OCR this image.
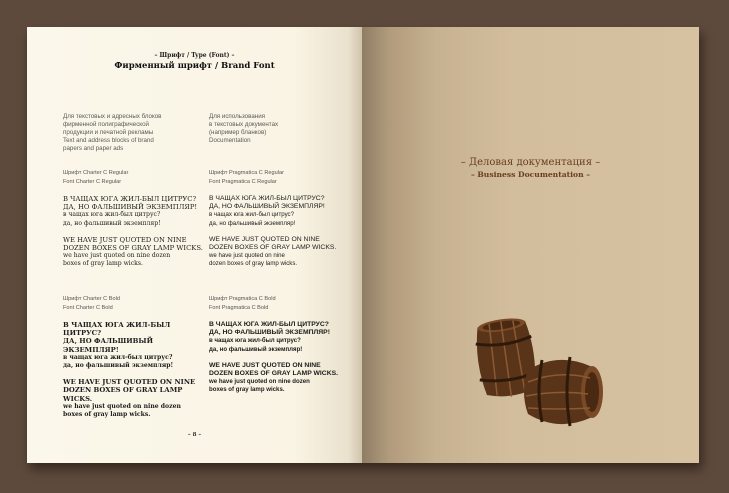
– Шрифт / Type (Font) –
Фирменный шрифт / Brand Font

Для текстовых и адресных блоков

фирменной полиграфической

продукции и печатной рекламы

Text and address blocks of brand

papers and paper ads

Для использования

в текстовых документах

(например бланков)

Documentation

Шрифт Charter C Regular
Font Charter C Regular
Шрифт Pragmatica C Regular
Font Pragmatica C Regular

В ЧАЩАХ ЮГА ЖИЛ-БЫЛ ЦИТРУС?

ДА, НО ФАЛЬШИВЫЙ ЭКЗЕМПЛЯР!

в чащах юга жил-был цитрус?

да, но фальшивый экземпляр!

WE HAVE JUST QUOTED ON NINE

DOZEN BOXES OF GRAY LAMP WICKS.

we have just quoted on nine dozen

boxes of gray lamp wicks.

В ЧАЩАХ ЮГА ЖИЛ-БЫЛ ЦИТРУС?

ДА, НО ФАЛЬШИВЫЙ ЭКЗЕМПЛЯР!

в чащах юга жил-был цитрус?

да, но фальшивый экземпляр!

WE HAVE JUST QUOTED ON NINE

DOZEN BOXES OF GRAY LAMP WICKS.

we have just quoted on nine

dozen boxes of gray lamp wicks.

Шрифт Charter C Bold
Font Charter C Bold
Шрифт Pragmatica C Bold
Font Pragmatica C Bold

В ЧАЩАХ ЮГА ЖИЛ-БЫЛ ЦИТРУС?

ДА, НО ФАЛЬШИВЫЙ ЭКЗЕМПЛЯР!

в чащах юга жил-был цитрус?

да, но фальшивый экземпляр!

WE HAVE JUST QUOTED ON NINE

DOZEN BOXES OF GRAY LAMP WICKS.

we have just quoted on nine dozen

boxes of gray lamp wicks.

В ЧАЩАХ ЮГА ЖИЛ-БЫЛ ЦИТРУС?

ДА, НО ФАЛЬШИВЫЙ ЭКЗЕМПЛЯР!

в чащах юга жил-был цитрус?

да, но фальшивый экземпляр!

WE HAVE JUST QUOTED ON NINE

DOZEN BOXES OF GRAY LAMP WICKS.

we have just quoted on nine dozen

boxes of gray lamp wicks.

– 8 –
– Деловая документация –
– Business Documentation –
